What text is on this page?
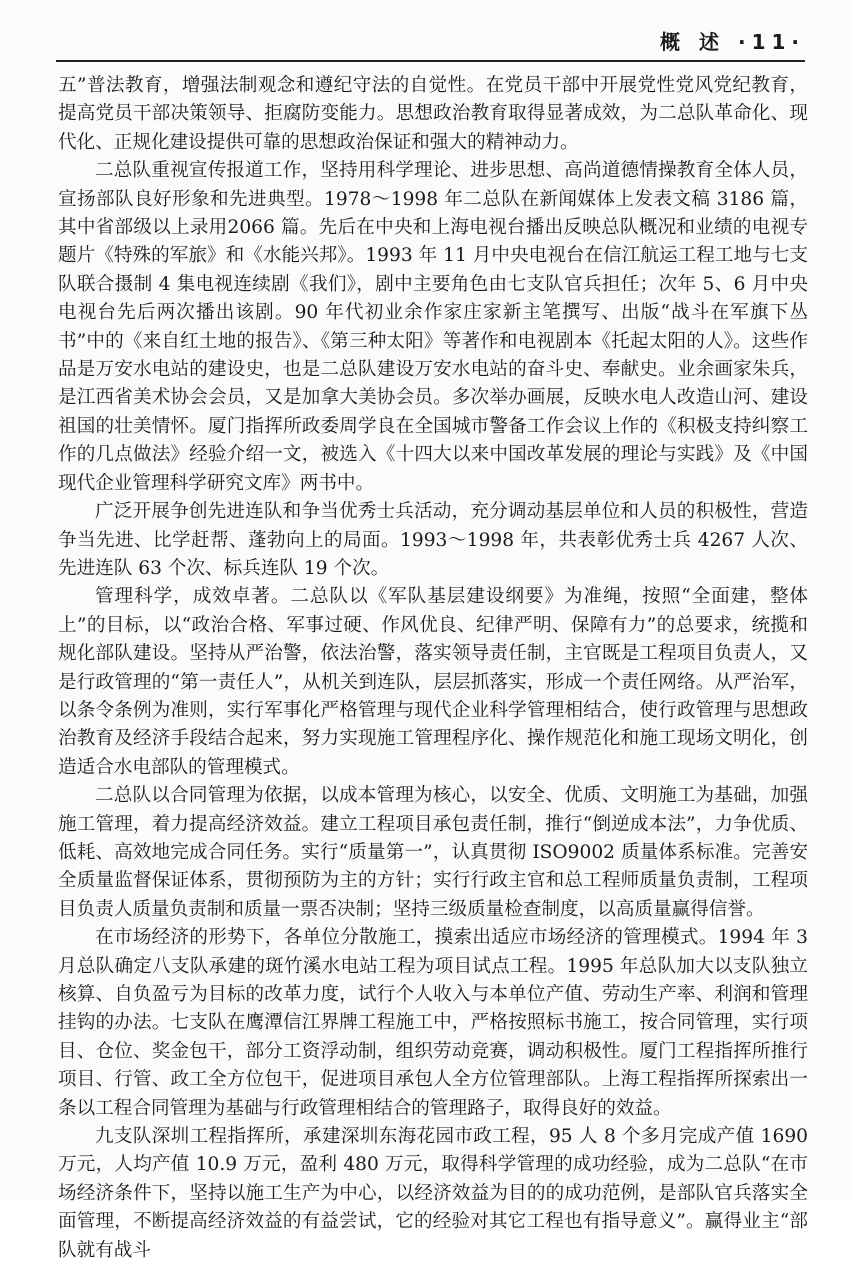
概 述 ·11·

五”普法教育，增强法制观念和遵纪守法的自觉性。在党员干部中开展党性党风党纪教育，提高党员干部决策领导、拒腐防变能力。思想政治教育取得显著成效，为二总队革命化、现代化、正规化建设提供可靠的思想政治保证和强大的精神动力。

二总队重视宣传报道工作，坚持用科学理论、进步思想、高尚道德情操教育全体人员，宣扬部队良好形象和先进典型。1978～1998 年二总队在新闻媒体上发表文稿 3186 篇，其中省部级以上录用2066 篇。先后在中央和上海电视台播出反映总队概况和业绩的电视专题片《特殊的军旅》和《水能兴邦》。1993 年 11 月中央电视台在信江航运工程工地与七支队联合摄制 4 集电视连续剧《我们》，剧中主要角色由七支队官兵担任；次年 5、6 月中央电视台先后两次播出该剧。90 年代初业余作家庄家新主笔撰写、出版“战斗在军旗下丛书”中的《来自红土地的报告》、《第三种太阳》等著作和电视剧本《托起太阳的人》。这些作品是万安水电站的建设史，也是二总队建设万安水电站的奋斗史、奉献史。业余画家朱兵，是江西省美术协会会员，又是加拿大美协会员。多次举办画展，反映水电人改造山河、建设祖国的壮美情怀。厦门指挥所政委周学良在全国城市警备工作会议上作的《积极支持纠察工作的几点做法》经验介绍一文，被选入《十四大以来中国改革发展的理论与实践》及《中国现代企业管理科学研究文库》两书中。

广泛开展争创先进连队和争当优秀士兵活动，充分调动基层单位和人员的积极性，营造争当先进、比学赶帮、蓬勃向上的局面。1993～1998 年，共表彰优秀士兵 4267 人次、先进连队 63 个次、标兵连队 19 个次。

管理科学，成效卓著。二总队以《军队基层建设纲要》为准绳，按照“全面建，整体上”的目标，以“政治合格、军事过硬、作风优良、纪律严明、保障有力”的总要求，统揽和规化部队建设。坚持从严治警，依法治警，落实领导责任制，主官既是工程项目负责人，又是行政管理的“第一责任人”，从机关到连队，层层抓落实，形成一个责任网络。从严治军，以条令条例为准则，实行军事化严格管理与现代企业科学管理相结合，使行政管理与思想政治教育及经济手段结合起来，努力实现施工管理程序化、操作规范化和施工现场文明化，创造适合水电部队的管理模式。

二总队以合同管理为依据，以成本管理为核心，以安全、优质、文明施工为基础，加强施工管理，着力提高经济效益。建立工程项目承包责任制，推行“倒逆成本法”，力争优质、低耗、高效地完成合同任务。实行“质量第一”，认真贯彻 ISO9002 质量体系标准。完善安全质量监督保证体系，贯彻预防为主的方针；实行行政主官和总工程师质量负责制，工程项目负责人质量负责制和质量一票否决制；坚持三级质量检查制度，以高质量赢得信誉。

在市场经济的形势下，各单位分散施工，摸索出适应市场经济的管理模式。1994 年 3 月总队确定八支队承建的斑竹溪水电站工程为项目试点工程。1995 年总队加大以支队独立核算、自负盈亏为目标的改革力度，试行个人收入与本单位产值、劳动生产率、利润和管理挂钩的办法。七支队在鹰潭信江界牌工程施工中，严格按照标书施工，按合同管理，实行项目、仓位、奖金包干，部分工资浮动制，组织劳动竞赛，调动积极性。厦门工程指挥所推行项目、行管、政工全方位包干，促进项目承包人全方位管理部队。上海工程指挥所探索出一条以工程合同管理为基础与行政管理相结合的管理路子，取得良好的效益。

九支队深圳工程指挥所，承建深圳东海花园市政工程，95 人 8 个多月完成产值 1690 万元，人均产值 10.9 万元，盈利 480 万元，取得科学管理的成功经验，成为二总队“在市场经济条件下，坚持以施工生产为中心，以经济效益为目的的成功范例，是部队官兵落实全面管理，不断提高经济效益的有益尝试，它的经验对其它工程也有指导意义”。赢得业主“部队就有战斗
